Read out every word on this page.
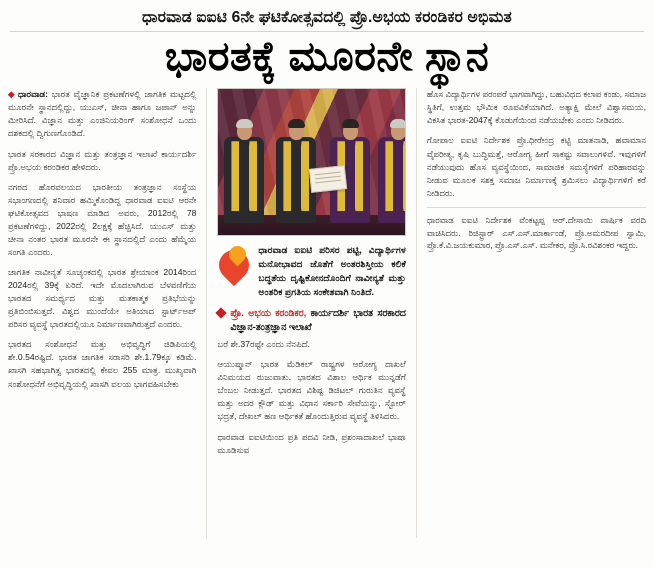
ಧಾರವಾಡ ಐಐಟಿ 6ನೇ ಘಟಿಕೋತ್ಸವದಲ್ಲಿ ಪ್ರೊ.ಅಭಯ ಕರಂಡಿಕರ ಅಭಿಮತ
ಭಾರತಕ್ಕೆ ಮೂರನೇ ಸ್ಥಾನ

◆ ಧಾರವಾಡ: ಭಾರತ ವೈಜ್ಞಾನಿಕ ಪ್ರಕಟಣೆಗಳಲ್ಲಿ ಜಾಗತಿಕ ಮಟ್ಟದಲ್ಲಿ ಮೂರನೇ ಸ್ಥಾನದಲ್ಲಿದ್ದು, ಯುಎಸ್, ಚೀನಾ ಹಾಗೂ ಜಪಾನ್ ಅನ್ನು ಮೀರಿಸಿದೆ. ವಿಜ್ಞಾನ ಮತ್ತು ಎಂಜಿನಿಯರಿಂಗ್ ಸಂಶೋಧನೆ ಒಂದು ದಶಕದಲ್ಲಿ ದ್ವಿಗುಣಗೊಂಡಿದೆ.

ಭಾರತ ಸರಕಾರದ ವಿಜ್ಞಾನ ಮತ್ತು ತಂತ್ರಜ್ಞಾನ ಇಲಾಖೆ ಕಾರ್ಯದರ್ಶಿ ಪ್ರೊ.ಅಭಯ ಕರಂಡಿಕರ ಹೇಳಿದರು.

ನಗರದ ಹೊರವಲಯದ ಭಾರತೀಯ ತಂತ್ರಜ್ಞಾನ ಸಂಸ್ಥೆಯ ಸಭಾಂಗಣದಲ್ಲಿ ಶನಿವಾರ ಹಮ್ಮಿಕೊಂಡಿದ್ದ ಧಾರವಾಡ ಐಐಟಿ ಆರನೇ ಘಟಿಕೋತ್ಸವದ ಭಾಷಣ ಮಾಡಿದ ಅವರು, 2012ರಲ್ಲಿ 78 ಪ್ರಕಟಣೆಗಳಿದ್ದು, 2022ರಲ್ಲಿ 2ಲಕ್ಷಕ್ಕೆ ಹೆಚ್ಚಿಸಿದೆ. ಯುಎಸ್ ಮತ್ತು ಚೀನಾ ನಂತರ ಭಾರತ ಮೂರನೇ ಈ ಸ್ಥಾನದಲ್ಲಿದೆ ಎಂದು ಹೆಮ್ಮೆಯ ಸಂಗತಿ ಎಂದರು.

ಜಾಗತಿಕ ನಾವೀನ್ಯತೆ ಸೂಚ್ಯಂಕದಲ್ಲಿ ಭಾರತ ಶ್ರೇಯಾಂಕ 2014ರಿಂದ 2024ರಲ್ಲಿ 39ಕ್ಕೆ ಏರಿದೆ. ಇದೇ ಮೊದಲಾಗಿರುವ ಬೆಳವಣಿಗೆಯ ಭಾರತದ ಸಮರ್ಥ್ಯದ ಮತ್ತು ಮತಕಾತ್ಮಕ ಪ್ರತಿಭೆಯನ್ನು ಪ್ರತಿಬಿಂಬಿಸುತ್ತದೆ. ವಿಶ್ವದ ಮುಂದೆಯೇ ಅತಿಯಾದ ಸ್ಟಾರ್ಟ್‌ಅಪ್ ಪರಿಸರ ವ್ಯವಸ್ಥೆ ಭಾರತದಲ್ಲಿಯೂ ನಿರ್ಮಾಣವಾಗಿರುತ್ತದೆ ಎಂದರು.

ಭಾರತದ ಸಂಶೋಧನೆ ಮತ್ತು ಅಭಿವೃದ್ಧಿಗೆ ಜಿಡಿಪಿಯಲ್ಲಿ ಶೇ.0.54ರಷ್ಟಿದೆ. ಭಾರತ ಜಾಗತಿಕ ಸರಾಸರಿ ಶೇ.1.79ಕ್ಕೂ ಕಡಿಮೆ. ಖಾಸಗಿ ಸಹಭಾಗಿತ್ವ ಭಾರತದಲ್ಲಿ ಕೇವಲ 255 ಮಾತ್ರ. ಮುಖ್ಯವಾಗಿ ಸಂಶೋಧನೆಗೆ ಅಭಿವೃದ್ಧಿಯಲ್ಲಿ ಖಾಸಗಿ ವಲಯ ಭಾಗವಹಿಸಬೇಕು

ಧಾರವಾಡ ಐಐಟಿ ಪರಿಸರ ಪಟ್ಟಿ, ವಿದ್ಯಾರ್ಥಿಗಳ ಮನೋಭಾವದ ಜೊತೆಗೆ ಅಂತರಶಿಸ್ತೀಯ ಕಲಿಕೆ ಬದ್ಧತೆಯ ದೃಷ್ಟಿಕೋನದೊಂದಿಗೆ ನಾವೀನ್ಯತೆ ಮತ್ತು ಅಂತರಿಕ ಪ್ರಗತಿಯ ಸಂಕೇತವಾಗಿ ನಿಂತಿದೆ.
ಪ್ರೊ. ಅಭಯ ಕರಂಡಿಕರ, ಕಾರ್ಯದರ್ಶಿ ಭಾರತ ಸರಕಾರದ ವಿಜ್ಞಾನ-ತಂತ್ರಜ್ಞಾನ ಇಲಾಖೆ

ಬರೆ ಶೇ.37ರಷ್ಟೇ ಎಂದು ನೆನಪಿದೆ.

ಆಯುಷ್ಮಾನ್ ಭಾರತ ಮೆಡಿಕಲ್ ರಾಷ್ಟ್ರಗಳ ಆರೋಗ್ಯ ದಾಖಲೆ ವಿನಿಮಯದ ರುಜುವಾತು. ಭಾರತದ ವಿಶಾಲ ಆರ್ಥಿಕ ಮುನ್ನಡೆಗೆ ಬೆಂಬಲ ನೀಡುತ್ತದೆ. ಭಾರತದ ವಿಶಿಷ್ಟ ಡಿಜಿಟಲ್ ಗುರುತಿನ ವ್ಯವಸ್ಥೆ ಮತ್ತು ಅದರ ಕ್ಲೌಡ್ ಮತ್ತು ವಿಧಾನ ಸರ್ಕಾರಿ ಸೇವೆಯನ್ನು, ಸ್ಟೋರ್ ಭದ್ರತೆ, ದೇಖಲ್ ಹಣ ಆರ್ಥಿಕತೆ ಹೊಂದುತ್ತಿರುವ ವ್ಯವಸ್ಥೆ ತಿಳಿಸಿದರು.

ಧಾರವಾಡ ಐಐಟಿಯಿಂದ ಪ್ರತಿ ಪದವಿ ನೀಡಿ, ಪ್ರಶಂಸಾದಾಖಲೆ ಭಾಷಾ ಮೂಡಿಸುವ

ಹೊಸ ವಿದ್ಯಾರ್ಥಿಗಳ ಪರಂಪರೆ ಭಾಗವಾಗಿದ್ದು, ಬಹುವಿಧದ ಕಲಾಪ ಕಂಡು, ಸಮಾಜ ಸ್ಥಿತಿಗೆ, ಉತ್ತಮ ಭೌಮಿಕ ರೂಪವಿಕೆಯಾಗಿದೆ. ಅತ್ಯಾಕ್ಷಿ ಮೇಲೆ ವಿಶ್ವಾಸಮಯ, ವಿಕಸಿತ ಭಾರತ-2047ಕ್ಕೆ ಕೊಡುಗೆಯಿಂದ ನಡೆಯಬೇಕು ಎಂದು ನೀಡಿದರು.

ಗೋಪಾಲ ಐಐಟಿ ನಿರ್ದೇಶಕ ಪ್ರೊ.ಧೀರೇಂದ್ರ ಕಟ್ಟಿ ಮಾತನಾಡಿ, ಹವಾಮಾನ ವೈಪರೀತ್ಯ, ಕೃಷಿ ಬುದ್ಧಿಮತ್ತೆ, ಆರೋಗ್ಯ ಹೀಗೆ ಸಾಕಷ್ಟು ಸವಾಲುಗಳಿವೆ. ಇವುಗಳಿಗೆ ನಡೆಯುವುದು ಹೊಸ ವ್ಯವಸ್ಥೆಯಿಂದ, ಸಾಮಾಜಿಕ ಸಮಸ್ಯೆಗಳಿಗೆ ಪರಿಹಾರವನ್ನು ನೀಡುವ ಮೂಲಕ ಸಶಕ್ತ ಸಮಾಜ ನಿರ್ಮಾಣಕ್ಕೆ ಶ್ರಮಿಸಲು ವಿದ್ಯಾರ್ಥಿಗಳಿಗೆ ಕರೆ ನೀಡಿದರು.

ಧಾರವಾಡ ಐಐಟಿ ನಿರ್ದೇಶಕ ವೆಂಕಟ್ಟಪ್ಪ ಆರ್.ದೇಸಾಯಿ ವಾರ್ಷಿಕ ವರದಿ ವಾಚಿಸಿದರು. ರಿಜಿಸ್ಟ್ರಾರ್ ಎಸ್.ಎಸ್.ಮಾರ್ಕಾಂಡೆ, ಪ್ರೊ.ಅಮರದೀಪ ಸ್ವಾಮಿ, ಪ್ರೊ.ಕೆ.ವಿ.ಜಯಕುಮಾರ, ಪ್ರೊ.ಎಸ್.ಎಸ್. ಮನೇಕರ, ಪ್ರೊ.ಸಿ.ರವಿಶಂಕರ ಇದ್ದರು.
